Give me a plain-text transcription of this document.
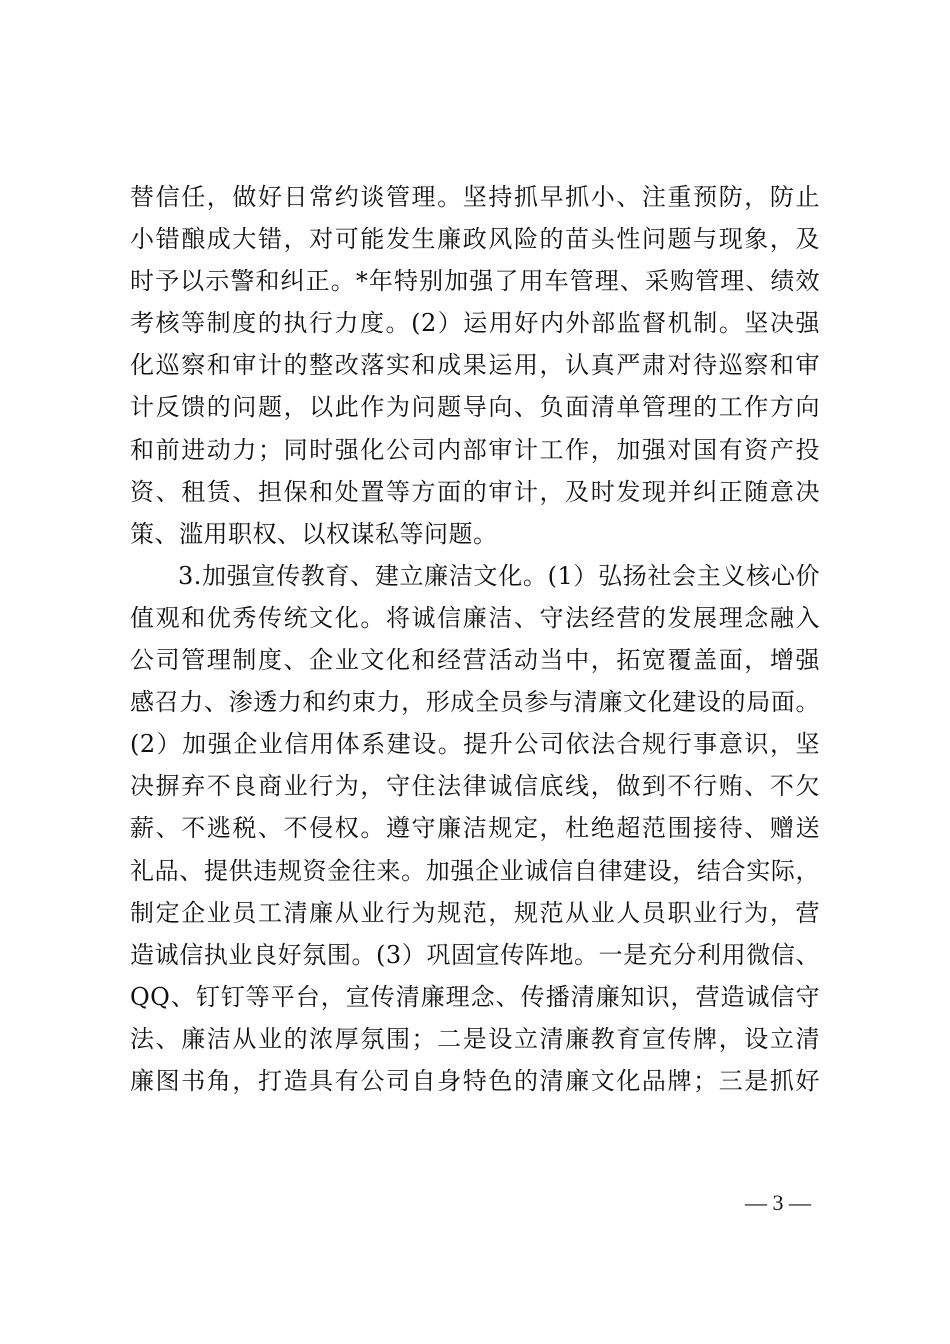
替信任，做好日常约谈管理。坚持抓早抓小、注重预防，防止
小错酿成大错，对可能发生廉政风险的苗头性问题与现象，及
时予以示警和纠正。*年特别加强了用车管理、采购管理、绩效
考核等制度的执行力度。(2）运用好内外部监督机制。坚决强
化巡察和审计的整改落实和成果运用，认真严肃对待巡察和审
计反馈的问题，以此作为问题导向、负面清单管理的工作方向
和前进动力；同时强化公司内部审计工作，加强对国有资产投
资、租赁、担保和处置等方面的审计，及时发现并纠正随意决
策、滥用职权、以权谋私等问题。
3.加强宣传教育、建立廉洁文化。(1）弘扬社会主义核心价
值观和优秀传统文化。将诚信廉洁、守法经营的发展理念融入
公司管理制度、企业文化和经营活动当中，拓宽覆盖面，增强
感召力、渗透力和约束力，形成全员参与清廉文化建设的局面。
(2）加强企业信用体系建设。提升公司依法合规行事意识，坚
决摒弃不良商业行为，守住法律诚信底线，做到不行贿、不欠
薪、不逃税、不侵权。遵守廉洁规定，杜绝超范围接待、赠送
礼品、提供违规资金往来。加强企业诚信自律建设，结合实际，
制定企业员工清廉从业行为规范，规范从业人员职业行为，营
造诚信执业良好氛围。(3）巩固宣传阵地。一是充分利用微信、
QQ、钉钉等平台，宣传清廉理念、传播清廉知识，营造诚信守
法、廉洁从业的浓厚氛围；二是设立清廉教育宣传牌，设立清
廉图书角，打造具有公司自身特色的清廉文化品牌；三是抓好
— 3 —
